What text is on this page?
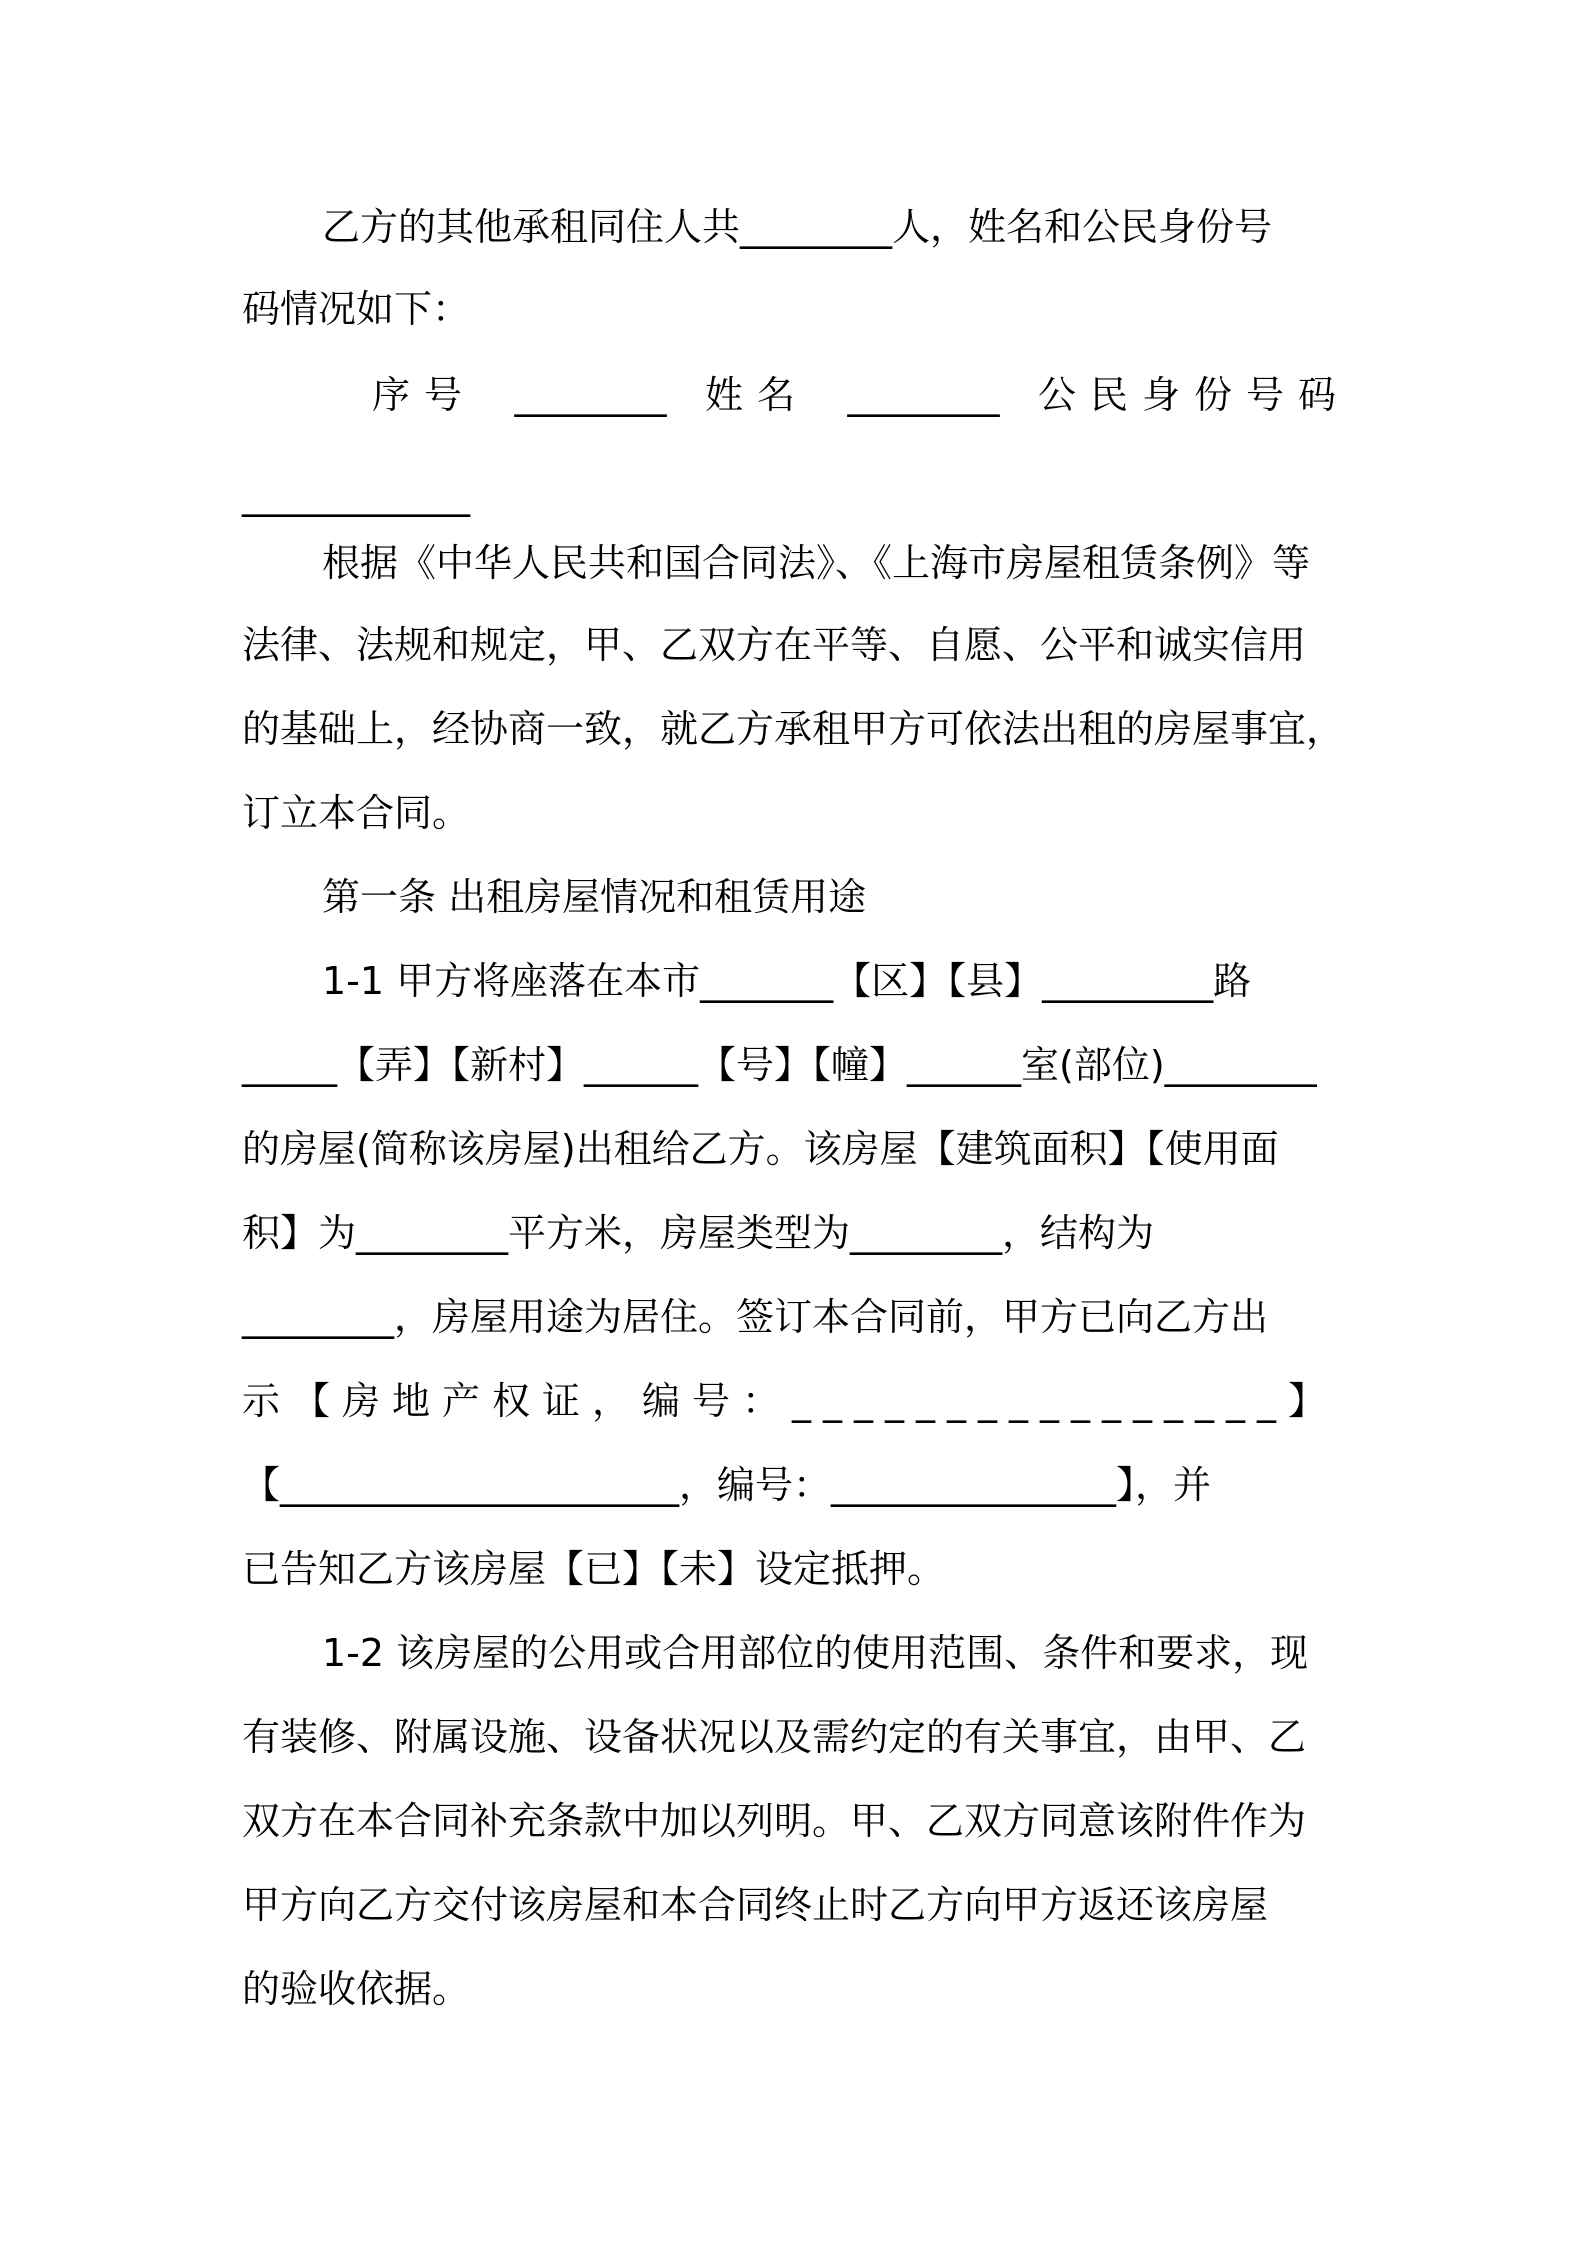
乙方的其他承租同住人共________人，姓名和公民身份号
码情况如下：
序号 ________ 姓名 ________ 公民身份号码
____________
根据《中华人民共和国合同法》、《上海市房屋租赁条例》等
法律、法规和规定，甲、乙双方在平等、自愿、公平和诚实信用
的基础上，经协商一致，就乙方承租甲方可依法出租的房屋事宜，
订立本合同。
第一条 出租房屋情况和租赁用途
1-1 甲方将座落在本市_______【区】【县】_________路
_____【弄】【新村】______【号】【幢】______室(部位)________
的房屋(简称该房屋)出租给乙方。该房屋【建筑面积】【使用面
积】为________平方米，房屋类型为________，结构为
________，房屋用途为居住。签订本合同前，甲方已向乙方出
示【房地产权证，编号：________________】
【_____________________，编号：_______________】，并
已告知乙方该房屋【已】【未】设定抵押。
1-2 该房屋的公用或合用部位的使用范围、条件和要求，现
有装修、附属设施、设备状况以及需约定的有关事宜，由甲、乙
双方在本合同补充条款中加以列明。甲、乙双方同意该附件作为
甲方向乙方交付该房屋和本合同终止时乙方向甲方返还该房屋
的验收依据。
